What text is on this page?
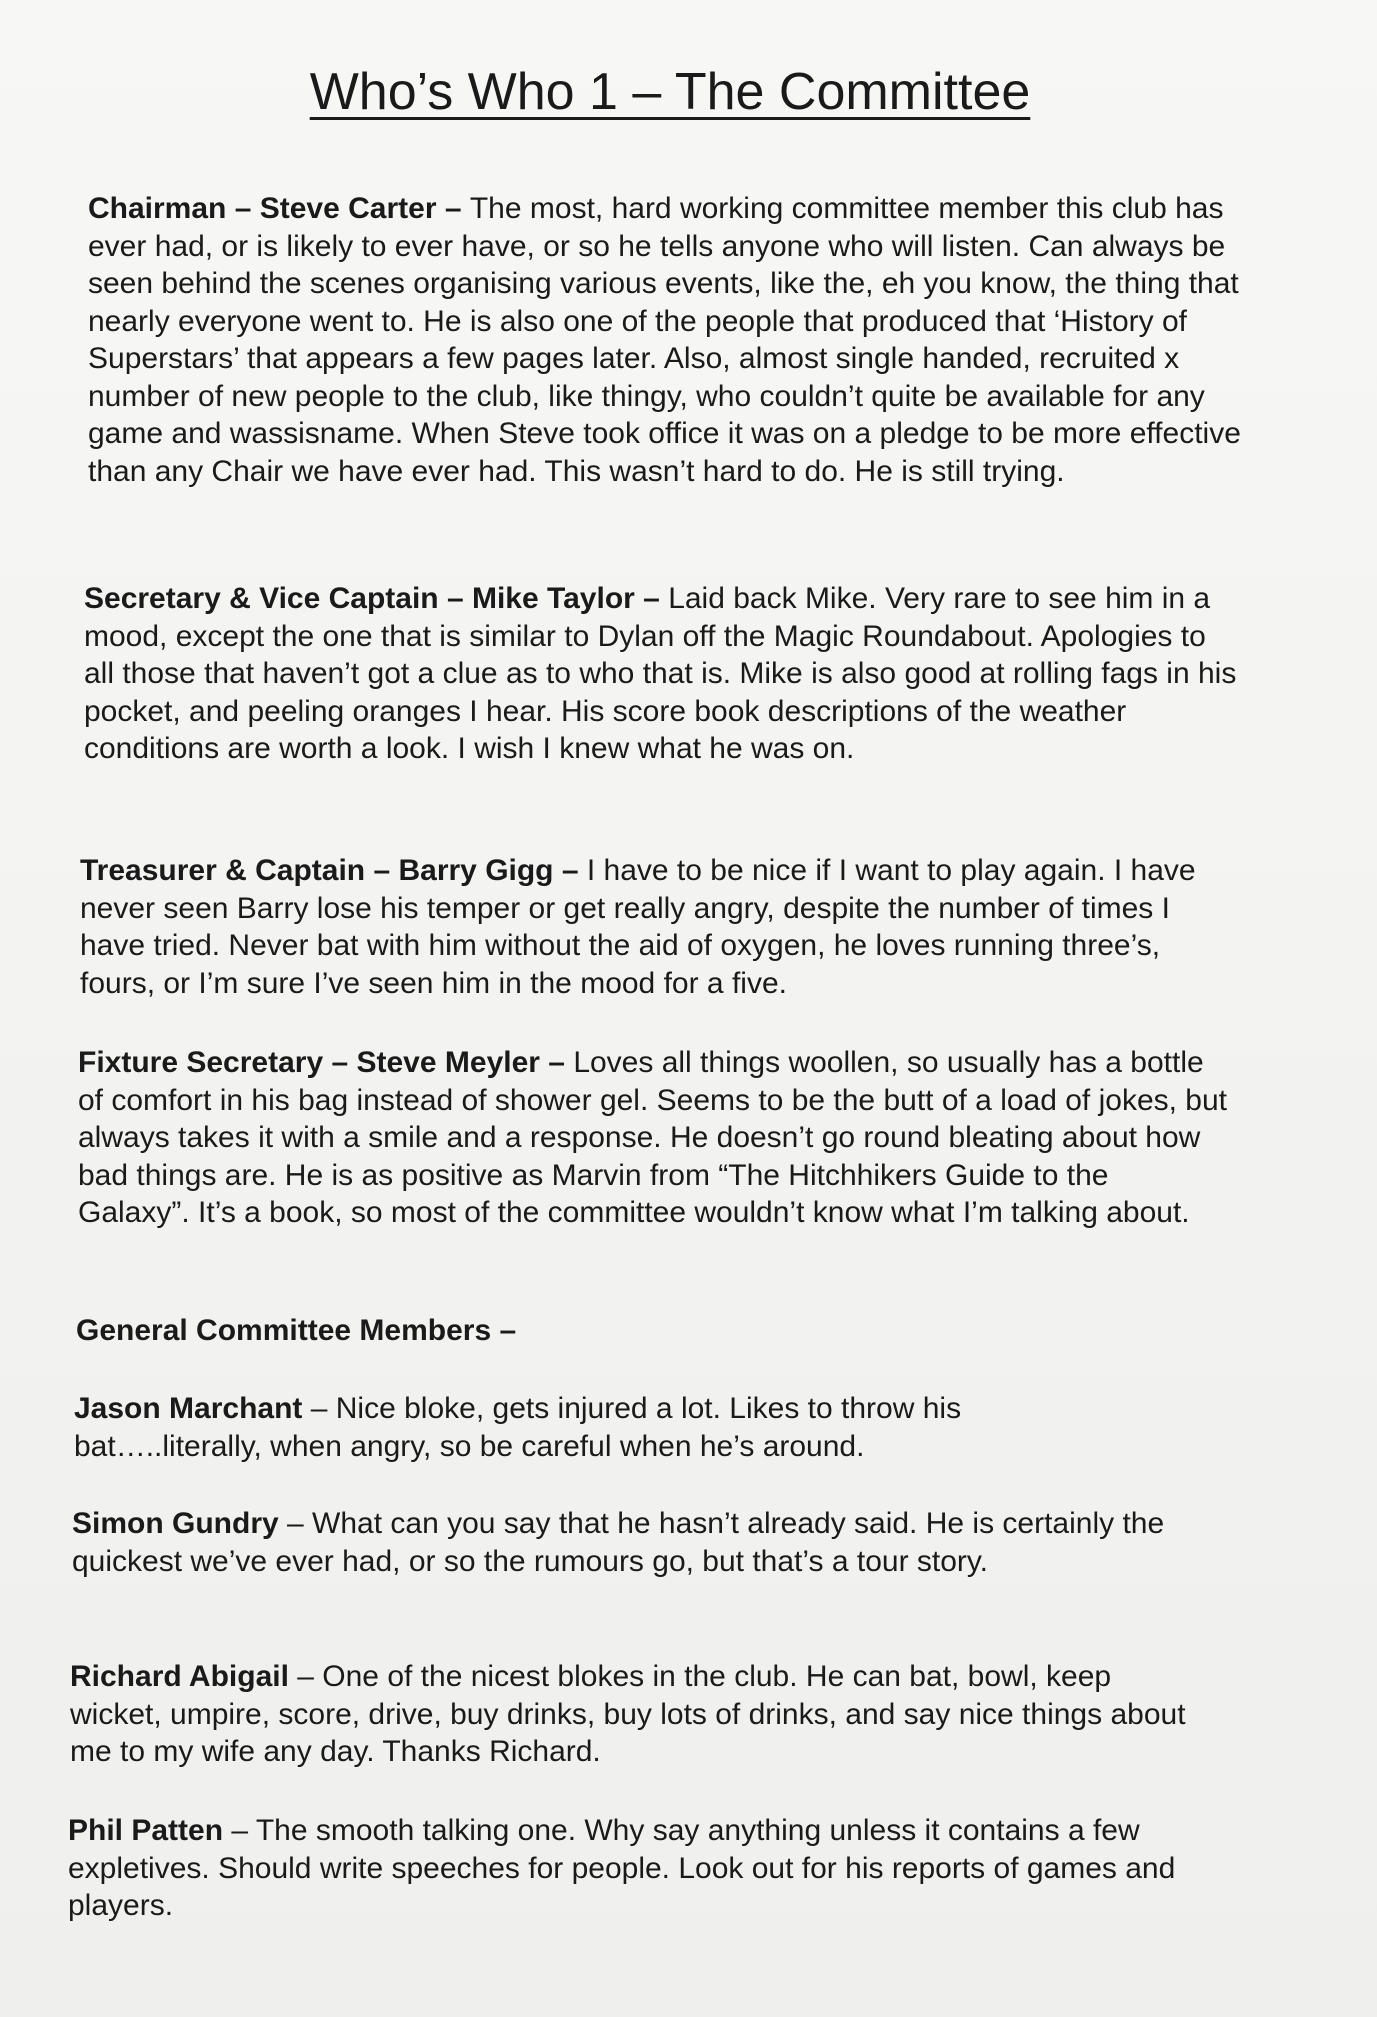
Who’s Who 1 – The Committee

Chairman – Steve Carter – The most, hard working committee member this club has ever had, or is likely to ever have, or so he tells anyone who will listen. Can always be seen behind the scenes organising various events, like the, eh you know, the thing that nearly everyone went to. He is also one of the people that produced that ‘History of Superstars’ that appears a few pages later. Also, almost single handed, recruited x number of new people to the club, like thingy, who couldn’t quite be available for any game and wassisname. When Steve took office it was on a pledge to be more effective than any Chair we have ever had. This wasn’t hard to do. He is still trying.

Secretary & Vice Captain – Mike Taylor – Laid back Mike. Very rare to see him in a mood, except the one that is similar to Dylan off the Magic Roundabout. Apologies to all those that haven’t got a clue as to who that is. Mike is also good at rolling fags in his pocket, and peeling oranges I hear. His score book descriptions of the weather conditions are worth a look. I wish I knew what he was on.

Treasurer & Captain – Barry Gigg – I have to be nice if I want to play again. I have never seen Barry lose his temper or get really angry, despite the number of times I have tried. Never bat with him without the aid of oxygen, he loves running three’s, fours, or I’m sure I’ve seen him in the mood for a five.

Fixture Secretary – Steve Meyler – Loves all things woollen, so usually has a bottle of comfort in his bag instead of shower gel. Seems to be the butt of a load of jokes, but always takes it with a smile and a response. He doesn’t go round bleating about how bad things are. He is as positive as Marvin from “The Hitchhikers Guide to the Galaxy”. It’s a book, so most of the committee wouldn’t know what I’m talking about.

General Committee Members –

Jason Marchant – Nice bloke, gets injured a lot. Likes to throw his bat…..literally, when angry, so be careful when he’s around.

Simon Gundry – What can you say that he hasn’t already said. He is certainly the quickest we’ve ever had, or so the rumours go, but that’s a tour story.

Richard Abigail – One of the nicest blokes in the club. He can bat, bowl, keep wicket, umpire, score, drive, buy drinks, buy lots of drinks, and say nice things about me to my wife any day. Thanks Richard.

Phil Patten – The smooth talking one. Why say anything unless it contains a few expletives. Should write speeches for people. Look out for his reports of games and players.
